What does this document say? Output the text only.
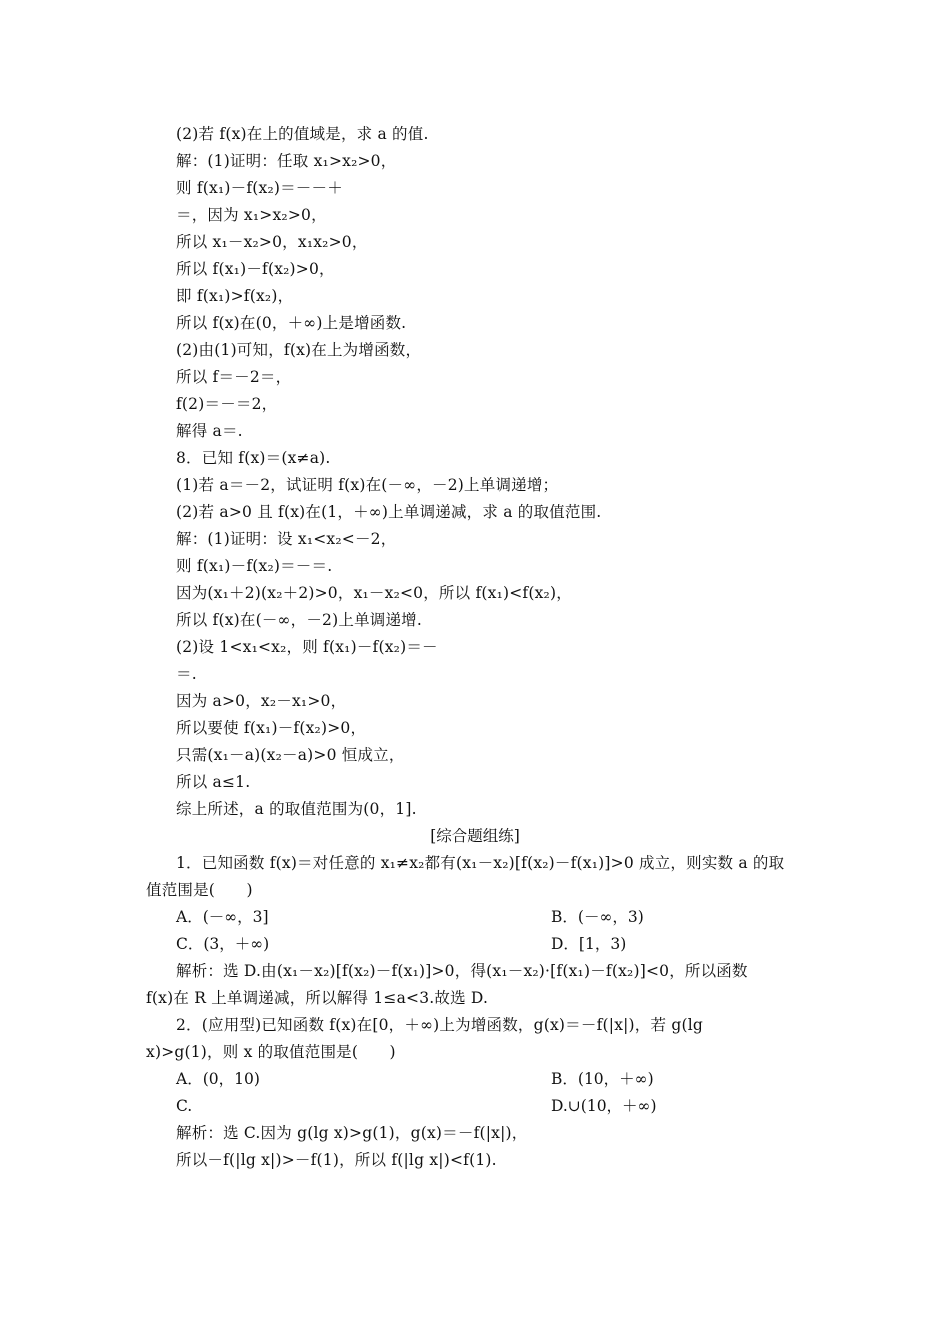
(2)若 f(x)在上的值域是，求 a 的值.
解：(1)证明：任取 x₁>x₂>0，
则 f(x₁)－f(x₂)＝－－＋
＝，因为 x₁>x₂>0，
所以 x₁－x₂>0，x₁x₂>0，
所以 f(x₁)－f(x₂)>0，
即 f(x₁)>f(x₂)，
所以 f(x)在(0，＋∞)上是增函数.
(2)由(1)可知，f(x)在上为增函数，
所以 f＝－2＝，
f(2)＝－＝2，
解得 a＝.
8．已知 f(x)＝(x≠a).
(1)若 a＝－2，试证明 f(x)在(－∞，－2)上单调递增；
(2)若 a>0 且 f(x)在(1，＋∞)上单调递减，求 a 的取值范围.
解：(1)证明：设 x₁<x₂<－2，
则 f(x₁)－f(x₂)＝－＝.
因为(x₁＋2)(x₂＋2)>0，x₁－x₂<0，所以 f(x₁)<f(x₂)，
所以 f(x)在(－∞，－2)上单调递增.
(2)设 1<x₁<x₂，则 f(x₁)－f(x₂)＝－
＝.
因为 a>0，x₂－x₁>0，
所以要使 f(x₁)－f(x₂)>0，
只需(x₁－a)(x₂－a)>0 恒成立，
所以 a≤1.
综上所述，a 的取值范围为(0，1].
[综合题组练]
1．已知函数 f(x)＝对任意的 x₁≠x₂都有(x₁－x₂)[f(x₂)－f(x₁)]>0 成立，则实数 a 的取
值范围是(　　)
A．(－∞，3]	B．(－∞，3)
C．(3，＋∞)	D．[1，3)
解析：选 D.由(x₁－x₂)[f(x₂)－f(x₁)]>0，得(x₁－x₂)·[f(x₁)－f(x₂)]<0，所以函数
f(x)在 R 上单调递减，所以解得 1≤a<3.故选 D.
2．(应用型)已知函数 f(x)在[0，＋∞)上为增函数，g(x)＝－f(|x|)，若 g(lg
x)>g(1)，则 x 的取值范围是(　　)
A．(0，10)	B．(10，＋∞)
C.	D.∪(10，＋∞)
解析：选 C.因为 g(lg x)>g(1)，g(x)＝－f(|x|)，
所以－f(|lg x|)>－f(1)，所以 f(|lg x|)<f(1).
